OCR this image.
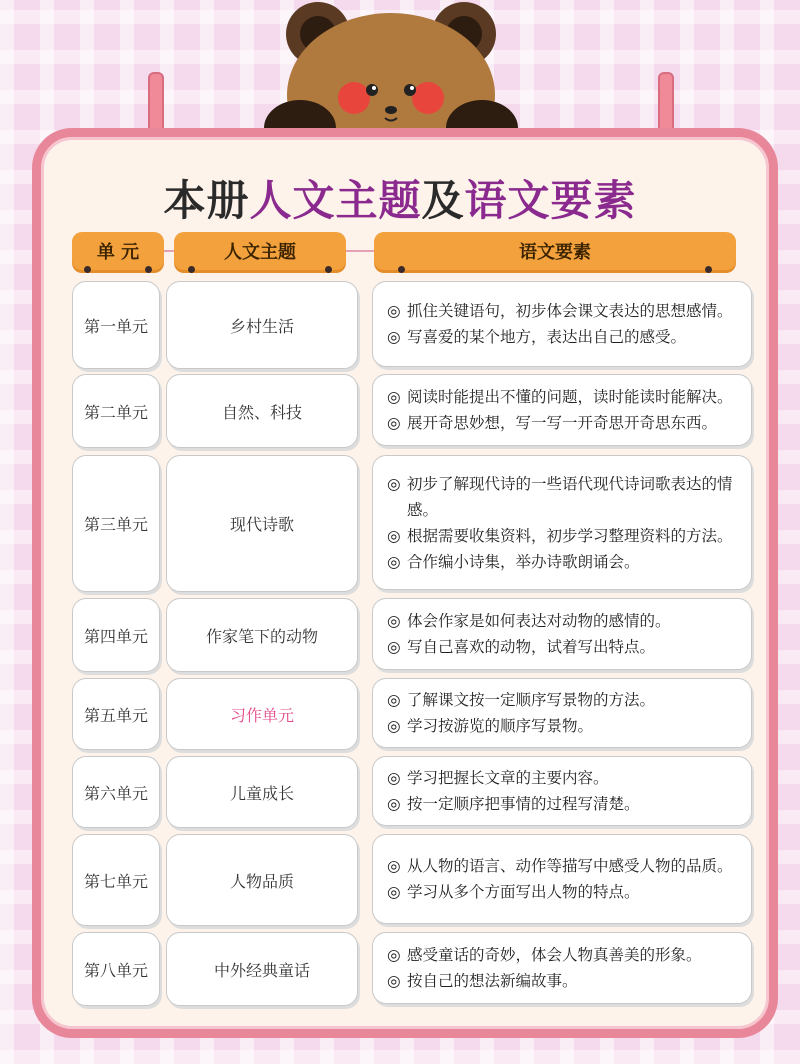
本册人文主题及语文要素
单 元	人文主题	语文要素
第一单元	乡村生活
◎ 抓住关键语句，初步体会课文表达的思想感情。
◎ 写喜爱的某个地方，表达出自己的感受。
第二单元	自然、科技
◎ 阅读时能提出不懂的问题，读时能读时能解决。
◎ 展开奇思妙想，写一写一开奇思开奇思东西。
第三单元	现代诗歌
◎ 初步了解现代诗的一些语代现代诗词歌表达的情感。
◎ 根据需要收集资料，初步学习整理资料的方法。
◎ 合作编小诗集，举办诗歌朗诵会。
第四单元	作家笔下的动物
◎ 体会作家是如何表达对动物的感情的。
◎ 写自己喜欢的动物，试着写出特点。
第五单元	习作单元
◎ 了解课文按一定顺序写景物的方法。
◎ 学习按游览的顺序写景物。
第六单元	儿童成长
◎ 学习把握长文章的主要内容。
◎ 按一定顺序把事情的过程写清楚。
第七单元	人物品质
◎ 从人物的语言、动作等描写中感受人物的品质。
◎ 学习从多个方面写出人物的特点。
第八单元	中外经典童话
◎ 感受童话的奇妙，体会人物真善美的形象。
◎ 按自己的想法新编故事。
